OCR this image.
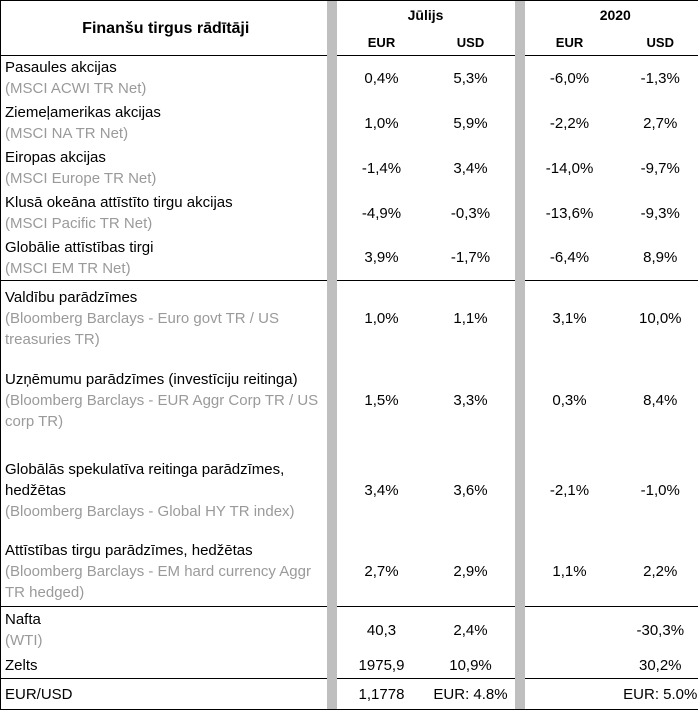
Finanšu tirgus rādītāji		Jūlijs			2020	
		EUR	USD		EUR	USD

Pasaules akcijas
(MSCI ACWI TR Net)		0,4%	5,3%		-6,0%	-1,3%

Ziemeļamerikas akcijas
(MSCI NA TR Net)		1,0%	5,9%		-2,2%	2,7%

Eiropas akcijas
(MSCI Europe TR Net)		-1,4%	3,4%		-14,0%	-9,7%

Klusā okeāna attīstīto tirgu akcijas
(MSCI Pacific TR Net)		-4,9%	-0,3%		-13,6%	-9,3%

Globālie attīstības tirgi
(MSCI EM TR Net)		3,9%	-1,7%		-6,4%	8,9%

Valdību parādzīmes
(Bloomberg Barclays - Euro govt TR / US treasuries TR)		1,0%	1,1%		3,1%	10,0%

Uzņēmumu parādzīmes (investīciju reitinga)
(Bloomberg Barclays - EUR Aggr Corp TR / US corp TR)		1,5%	3,3%		0,3%	8,4%

Globālās spekulatīva reitinga parādzīmes, hedžētas
(Bloomberg Barclays - Global HY TR index)		3,4%	3,6%		-2,1%	-1,0%

Attīstības tirgu parādzīmes, hedžētas
(Bloomberg Barclays - EM hard currency Aggr TR hedged)		2,7%	2,9%		1,1%	2,2%

Nafta
(WTI)		40,3	2,4%			-30,3%
Zelts		1975,9	10,9%			30,2%
EUR/USD		1,1778	EUR: 4.8%			EUR: 5.0%
